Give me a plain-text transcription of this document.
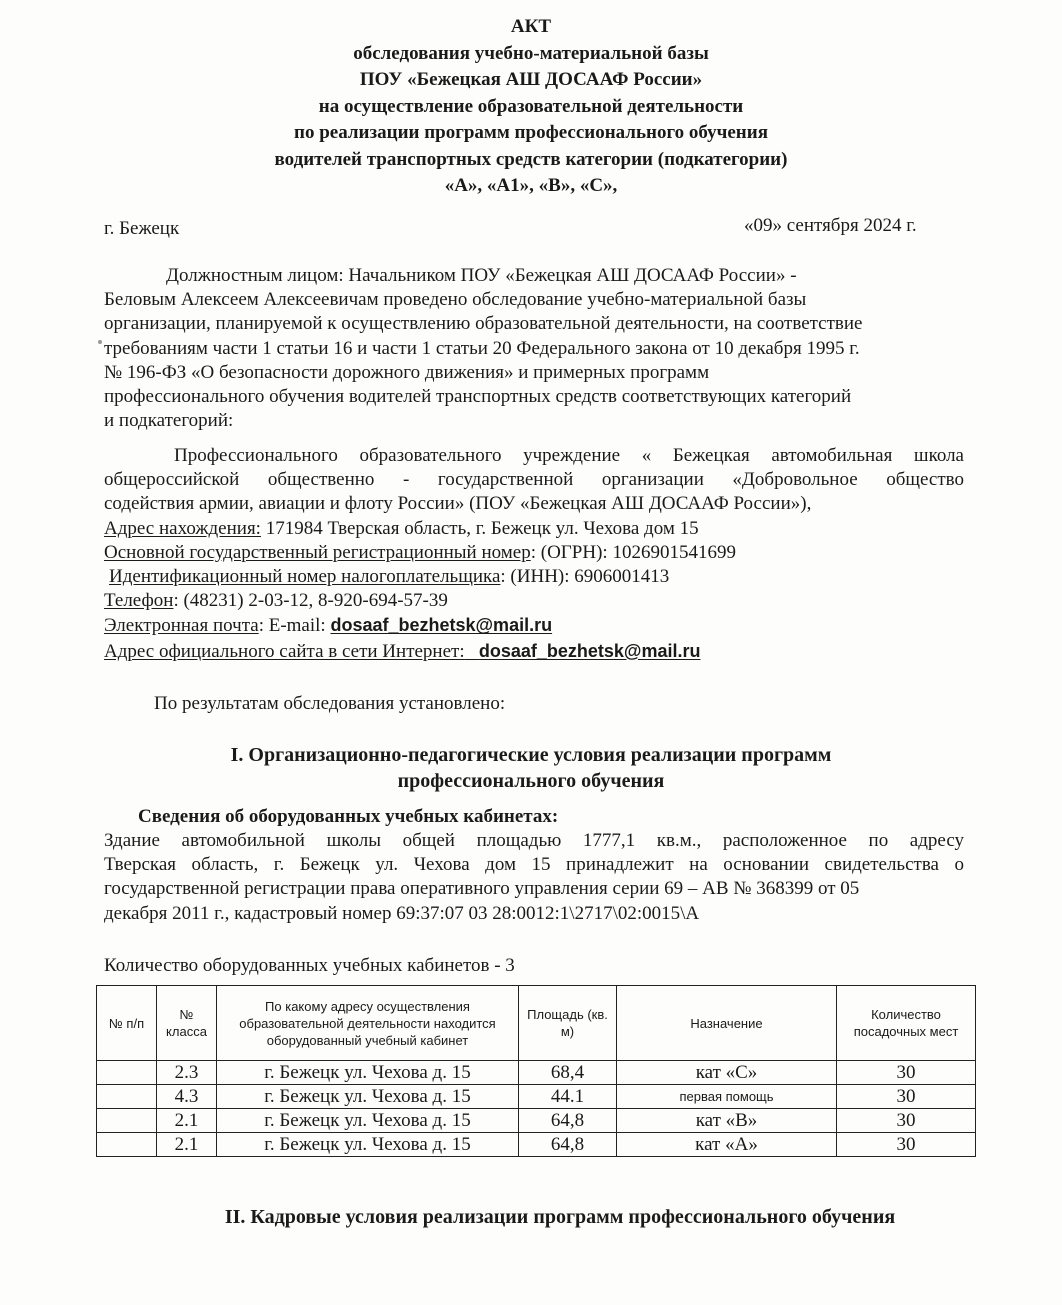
АКТ
обследования учебно-материальной базы
ПОУ «Бежецкая АШ ДОСААФ России»
на осуществление образовательной деятельности
по реализации программ профессионального обучения
водителей транспортных средств категории (подкатегории)
«А», «А1», «В», «С»,
г. Бежецк	«09» сентября 2024 г.
Должностным лицом: Начальником ПОУ «Бежецкая АШ ДОСААФ России» -
Беловым Алексеем Алексеевичам проведено обследование учебно-материальной базы
организации, планируемой к осуществлению образовательной деятельности, на соответствие
требованиям части 1 статьи 16 и части 1 статьи 20 Федерального закона от 10 декабря 1995 г.
№ 196-ФЗ «О безопасности дорожного движения» и примерных программ
профессионального обучения водителей транспортных средств соответствующих категорий
и подкатегорий:
Профессионального образовательного учреждение « Бежецкая автомобильная школа
общероссийской общественно - государственной организации «Добровольное общество
содействия армии, авиации и флоту России» (ПОУ «Бежецкая АШ ДОСААФ России»),
Адрес нахождения: 171984 Тверская область, г. Бежецк ул. Чехова дом 15
Основной государственный регистрационный номер: (ОГРН): 1026901541699
Идентификационный номер налогоплательщика: (ИНН): 6906001413
Телефон: (48231) 2-03-12, 8-920-694-57-39
Электронная почта: E-mail: dosaaf_bezhetsk@mail.ru
Адрес официального сайта в сети Интернет: dosaaf_bezhetsk@mail.ru
По результатам обследования установлено:
I. Организационно-педагогические условия реализации программ
профессионального обучения
Сведения об оборудованных учебных кабинетах:
Здание автомобильной школы общей площадью 1777,1 кв.м., расположенное по адресу
Тверская область, г. Бежецк ул. Чехова дом 15 принадлежит на основании свидетельства о
государственной регистрации права оперативного управления серии 69 – АВ № 368399 от 05
декабря 2011 г., кадастровый номер 69:37:07 03 28:0012:1\2717\02:0015\А
Количество оборудованных учебных кабинетов - 3
№ п/п	№ класса	По какому адресу осуществления образовательной деятельности находится оборудованный учебный кабинет	Площадь (кв. м)	Назначение	Количество посадочных мест
	2.3	г. Бежецк ул. Чехова д. 15	68,4	кат «С»	30
	4.3	г. Бежецк ул. Чехова д. 15	44.1	первая помощь	30
	2.1	г. Бежецк ул. Чехова д. 15	64,8	кат «В»	30
	2.1	г. Бежецк ул. Чехова д. 15	64,8	кат «А»	30
II. Кадровые условия реализации программ профессионального обучения
